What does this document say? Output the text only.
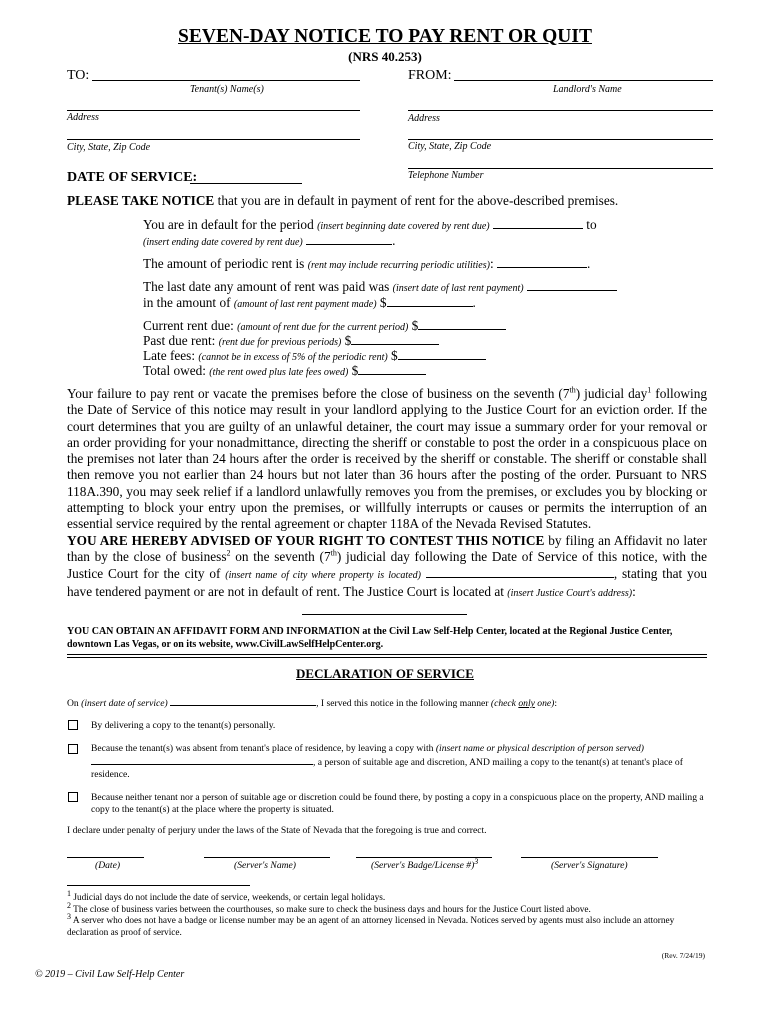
SEVEN-DAY NOTICE TO PAY RENT OR QUIT
(NRS 40.253)
TO:
Tenant(s) Name(s)
FROM:
Landlord's Name
Address	Address
City, State, Zip Code	City, State, Zip Code
Telephone Number
DATE OF SERVICE:
PLEASE TAKE NOTICE that you are in default in payment of rent for the above-described premises.
You are in default for the period (insert beginning date covered by rent due)	to
(insert ending date covered by rent due)	.
The amount of periodic rent is (rent may include recurring periodic utilities):	.
The last date any amount of rent was paid was (insert date of last rent payment)
in the amount of (amount of last rent payment made) $	.
Current rent due: (amount of rent due for the current period) $
Past due rent: (rent due for previous periods) $
Late fees: (cannot be in excess of 5% of the periodic rent) $
Total owed: (the rent owed plus late fees owed) $
Your failure to pay rent or vacate the premises before the close of business on the seventh (7th) judicial day$^1$ following the Date of Service of this notice may result in your landlord applying to the Justice Court for an eviction order. If the court determines that you are guilty of an unlawful detainer, the court may issue a summary order for your removal or an order providing for your nonadmittance, directing the sheriff or constable to post the order in a conspicuous place on the premises not later than 24 hours after the order is received by the sheriff or constable. The sheriff or constable shall then remove you not earlier than 24 hours but not later than 36 hours after the posting of the order. Pursuant to NRS 118A.390, you may seek relief if a landlord unlawfully removes you from the premises, or excludes you by blocking or attempting to block your entry upon the premises, or willfully interrupts or causes or permits the interruption of an essential service required by the rental agreement or chapter 118A of the Nevada Revised Statutes.
YOU ARE HEREBY ADVISED OF YOUR RIGHT TO CONTEST THIS NOTICE by filing an Affidavit no later than by the close of business$^2$ on the seventh (7th) judicial day following the Date of Service of this notice, with the Justice Court for the city of (insert name of city where property is located)	, stating that you have tendered payment or are not in default of rent. The Justice Court is located at (insert Justice Court's address):
YOU CAN OBTAIN AN AFFIDAVIT FORM AND INFORMATION at the Civil Law Self-Help Center, located at the Regional Justice Center, downtown Las Vegas, or on its website, www.CivilLawSelfHelpCenter.org.
DECLARATION OF SERVICE
On (insert date of service)	, I served this notice in the following manner (check only one):
By delivering a copy to the tenant(s) personally.
Because the tenant(s) was absent from tenant's place of residence, by leaving a copy with (insert name or physical description of person served)
, a person of suitable age and discretion, AND mailing a copy to the tenant(s) at tenant's place of residence.
Because neither tenant nor a person of suitable age or discretion could be found there, by posting a copy in a conspicuous place on the property, AND mailing a copy to the tenant(s) at the place where the property is situated.
I declare under penalty of perjury under the laws of the State of Nevada that the foregoing is true and correct.
(Date)	(Server's Name)	(Server's Badge/License #)$^3$	(Server's Signature)
$^1$ Judicial days do not include the date of service, weekends, or certain legal holidays.
$^2$ The close of business varies between the courthouses, so make sure to check the business days and hours for the Justice Court listed above.
$^3$ A server who does not have a badge or license number may be an agent of an attorney licensed in Nevada. Notices served by agents must also include an attorney declaration as proof of service.
(Rev. 7/24/19)
© 2019 – Civil Law Self-Help Center
